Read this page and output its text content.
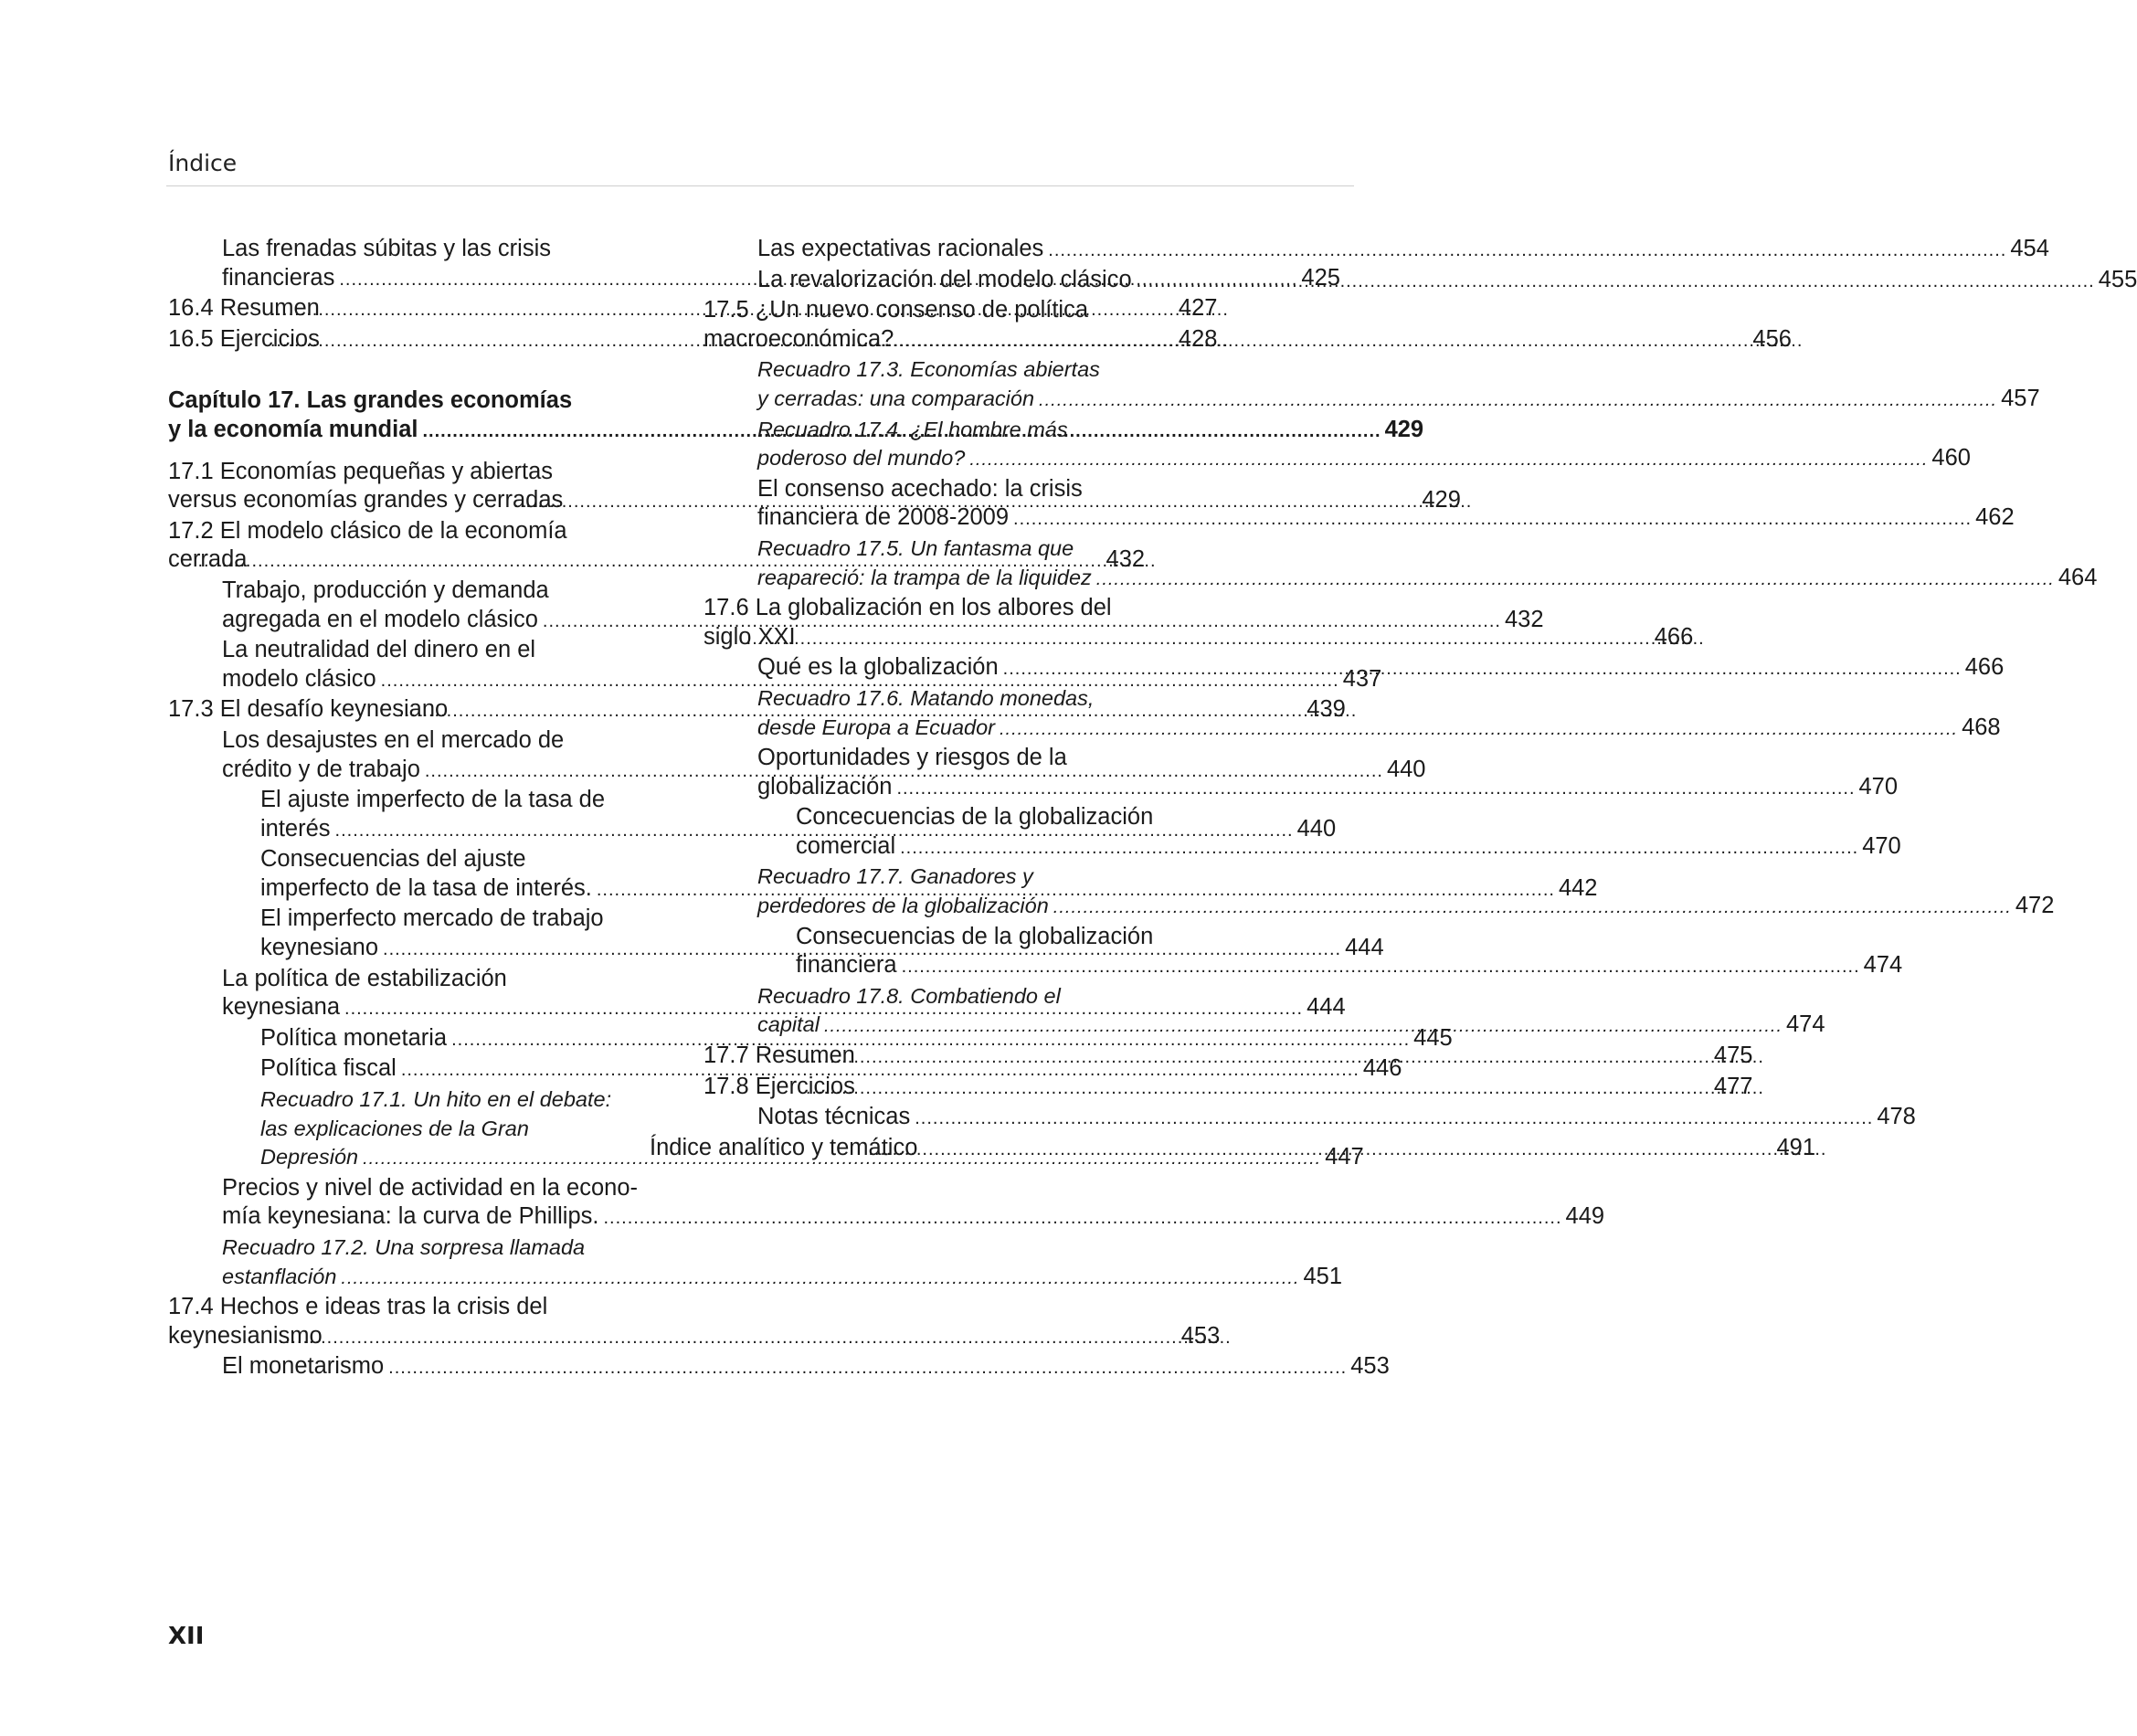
Índice
Las frenadas súbitas y las crisis
financieras .....	425
16.4 Resumen .....	427
16.5 Ejercicios .....	428
Capítulo 17. Las grandes economías
y la economía mundial .....	429
17.1 Economías pequeñas y abiertas
versus economías grandes y cerradas .....	429
17.2 El modelo clásico de la economía
cerrada .....	432
Trabajo, producción y demanda
agregada en el modelo clásico .....	432
La neutralidad del dinero en el
modelo clásico .....	437
17.3 El desafío keynesiano .....	439
Los desajustes en el mercado de
crédito y de trabajo .....	440
El ajuste imperfecto de la tasa de
interés .....	440
Consecuencias del ajuste
imperfecto de la tasa de interés. .....	442
El imperfecto mercado de trabajo
keynesiano .....	444
La política de estabilización
keynesiana .....	444
Política monetaria .....	445
Política fiscal .....	446
Recuadro 17.1. Un hito en el debate:
las explicaciones de la Gran
Depresión .....	447
Precios y nivel de actividad en la econo-
mía keynesiana: la curva de Phillips. .....	449
Recuadro 17.2. Una sorpresa llamada
estanflación .....	451
17.4 Hechos e ideas tras la crisis del
keynesianismo .....	453
El monetarismo .....	453
Las expectativas racionales .....	454
La revalorización del modelo clásico .....	455
17.5 ¿Un nuevo consenso de política
macroeconómica? .....	456
Recuadro 17.3. Economías abiertas
y cerradas: una comparación .....	457
Recuadro 17.4. ¿El hombre más
poderoso del mundo? .....	460
El consenso acechado: la crisis
financiera de 2008-2009 .....	462
Recuadro 17.5. Un fantasma que
reapareció: la trampa de la liquidez .....	464
17.6 La globalización en los albores del
siglo XXI .....	466
Qué es la globalización .....	466
Recuadro 17.6. Matando monedas,
desde Europa a Ecuador .....	468
Oportunidades y riesgos de la
globalización .....	470
Concecuencias de la globalización
comercial .....	470
Recuadro 17.7. Ganadores y
perdedores de la globalización .....	472
Consecuencias de la globalización
financiera .....	474
Recuadro 17.8. Combatiendo el
capital .....	474
17.7 Resumen .....	475
17.8 Ejercicios .....	477
Notas técnicas .....	478
Índice analítico y temático .....	491
XII
